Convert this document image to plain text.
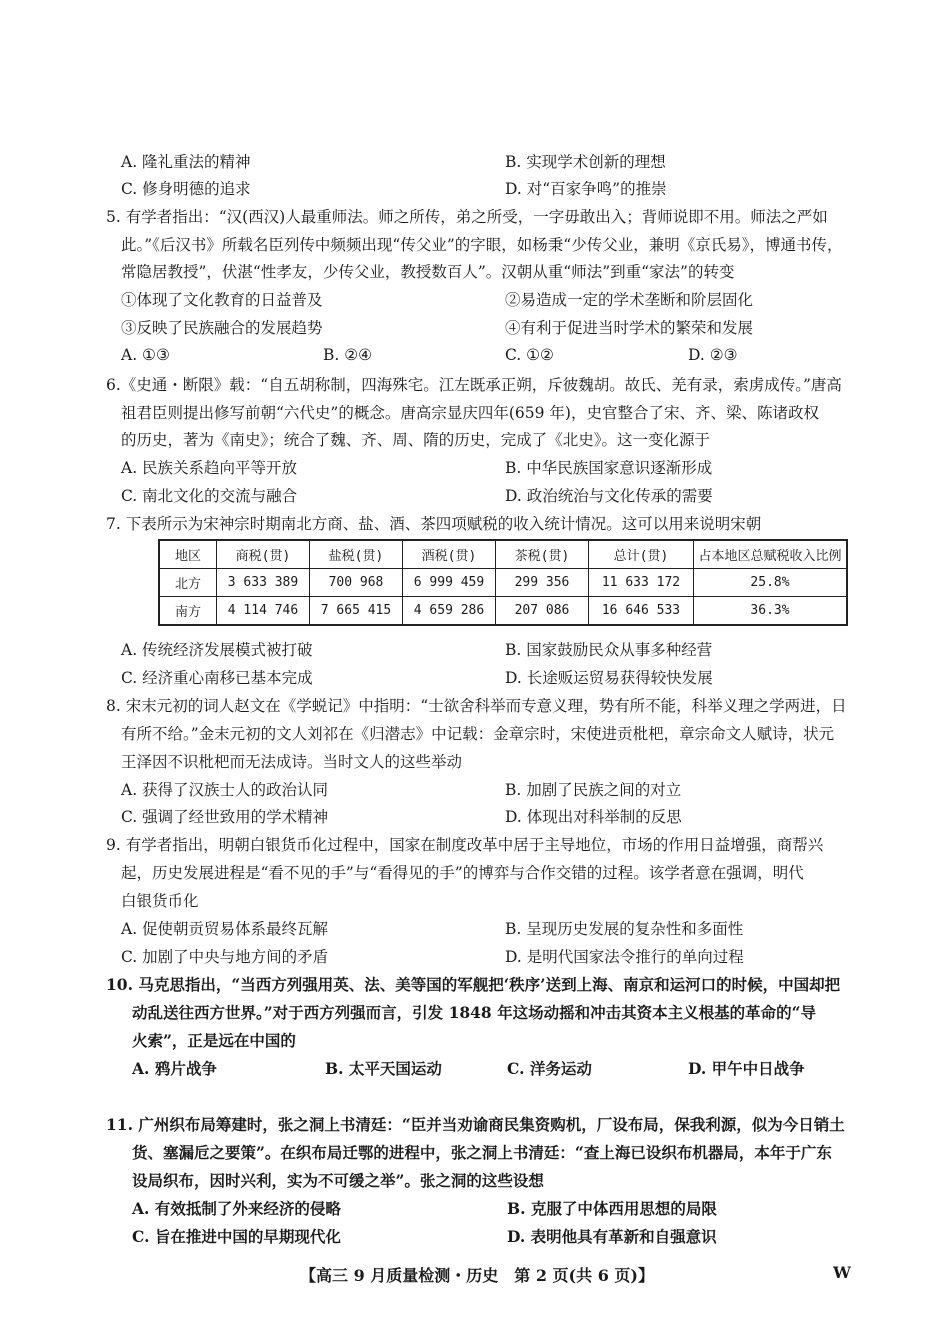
A. 隆礼重法的精神	B. 实现学术创新的理想
C. 修身明德的追求	D. 对“百家争鸣”的推崇
5. 有学者指出：“汉(西汉)人最重师法。师之所传，弟之所受，一字毋敢出入；背师说即不用。师法之严如
此。”《后汉书》所载名臣列传中频频出现“传父业”的字眼，如杨秉“少传父业，兼明《京氏易》，博通书传，
常隐居教授”，伏湛“性孝友，少传父业，教授数百人”。汉朝从重“师法”到重“家法”的转变
①体现了文化教育的日益普及	②易造成一定的学术垄断和阶层固化
③反映了民族融合的发展趋势	④有利于促进当时学术的繁荣和发展
A. ①③	B. ②④	C. ①②	D. ②③
6.《史通・断限》载：“自五胡称制，四海殊宅。江左既承正朔，斥彼魏胡。故氏、羌有录，索虏成传。”唐高
祖君臣则提出修写前朝“六代史”的概念。唐高宗显庆四年(659 年)，史官整合了宋、齐、梁、陈诸政权
的历史，著为《南史》；统合了魏、齐、周、隋的历史，完成了《北史》。这一变化源于
A. 民族关系趋向平等开放	B. 中华民族国家意识逐渐形成
C. 南北文化的交流与融合	D. 政治统治与文化传承的需要
7. 下表所示为宋神宗时期南北方商、盐、酒、茶四项赋税的收入统计情况。这可以用来说明宋朝
地区	商税(贯)	盐税(贯)	酒税(贯)	茶税(贯)	总计(贯)	占本地区总赋税收入比例
北方	3 633 389	700 968	6 999 459	299 356	11 633 172	25.8%
南方	4 114 746	7 665 415	4 659 286	207 086	16 646 533	36.3%
A. 传统经济发展模式被打破	B. 国家鼓励民众从事多种经营
C. 经济重心南移已基本完成	D. 长途贩运贸易获得较快发展
8. 宋末元初的词人赵文在《学蜕记》中指明：“士欲舍科举而专意义理，势有所不能，科举义理之学两进，日
有所不给。”金末元初的文人刘祁在《归潜志》中记载：金章宗时，宋使进贡枇杷，章宗命文人赋诗，状元
王泽因不识枇杷而无法成诗。当时文人的这些举动
A. 获得了汉族士人的政治认同	B. 加剧了民族之间的对立
C. 强调了经世致用的学术精神	D. 体现出对科举制的反思
9. 有学者指出，明朝白银货币化过程中，国家在制度改革中居于主导地位，市场的作用日益增强，商帮兴
起，历史发展进程是“看不见的手”与“看得见的手”的博弈与合作交错的过程。该学者意在强调，明代
白银货币化
A. 促使朝贡贸易体系最终瓦解	B. 呈现历史发展的复杂性和多面性
C. 加剧了中央与地方间的矛盾	D. 是明代国家法令推行的单向过程
10. 马克思指出，“当西方列强用英、法、美等国的军舰把‘秩序’送到上海、南京和运河口的时候，中国却把
动乱送往西方世界。”对于西方列强而言，引发 1848 年这场动摇和冲击其资本主义根基的革命的“导
火索”，正是远在中国的
A. 鸦片战争	B. 太平天国运动	C. 洋务运动	D. 甲午中日战争
11. 广州织布局筹建时，张之洞上书清廷：“臣并当劝谕商民集资购机，厂设布局，保我利源，似为今日销土
货、塞漏卮之要策”。在织布局迁鄂的进程中，张之洞上书清廷：“查上海已设织布机器局，本年于广东
设局织布，因时兴利，实为不可缓之举”。张之洞的这些设想
A. 有效抵制了外来经济的侵略	B. 克服了中体西用思想的局限
C. 旨在推进中国的早期现代化	D. 表明他具有革新和自强意识
【高三 9 月质量检测・历史　第 2 页(共 6 页)】	W
